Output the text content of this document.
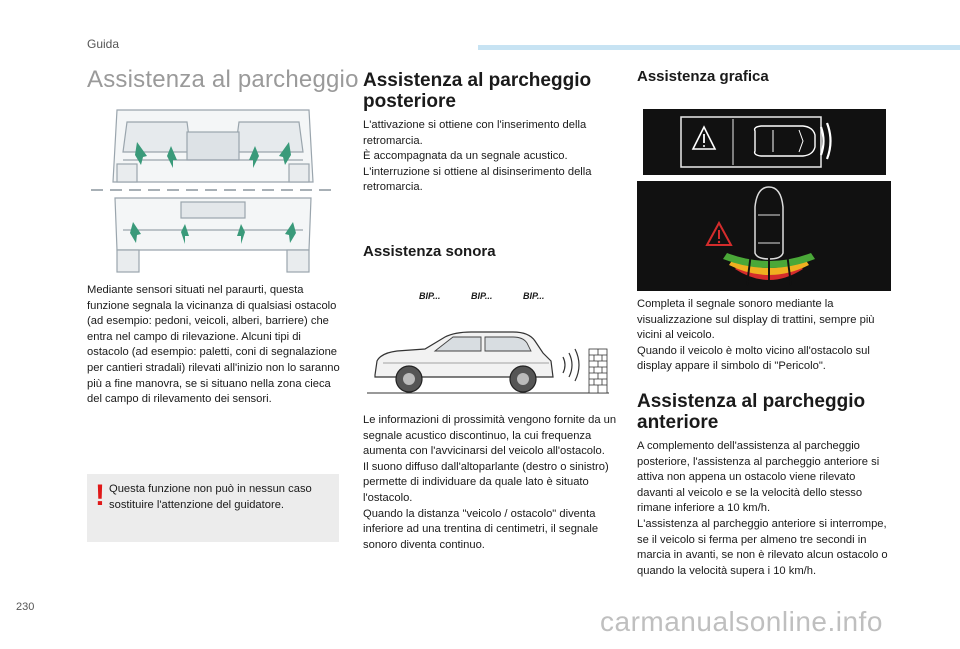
Guida
Assistenza al parcheggio
Mediante sensori situati nel paraurti, questa funzione segnala la vicinanza di qualsiasi ostacolo (ad esempio: pedoni, veicoli, alberi, barriere) che entra nel campo di rilevazione. Alcuni tipi di ostacolo (ad esempio: paletti, coni di segnalazione per cantieri stradali) rilevati all'inizio non lo saranno più a fine manovra, se si situano nella zona cieca del campo di rilevamento dei sensori.
! Questa funzione non può in nessun caso sostituire l'attenzione del guidatore.
Assistenza al parcheggio
posteriore
L'attivazione si ottiene con l'inserimento della retromarcia.
È accompagnata da un segnale acustico.
L'interruzione si ottiene al disinserimento della retromarcia.
Assistenza sonora
BIP...	BIP...	BIP...
Le informazioni di prossimità vengono fornite da un segnale acustico discontinuo, la cui frequenza aumenta con l'avvicinarsi del veicolo all'ostacolo.
Il suono diffuso dall'altoparlante (destro o sinistro) permette di individuare da quale lato è situato l'ostacolo.
Quando la distanza "veicolo / ostacolo" diventa inferiore ad una trentina di centimetri, il segnale sonoro diventa continuo.
Assistenza grafica
Completa il segnale sonoro mediante la visualizzazione sul display di trattini, sempre più vicini al veicolo.
Quando il veicolo è molto vicino all'ostacolo sul display appare il simbolo di "Pericolo".
Assistenza al parcheggio
anteriore
A complemento dell'assistenza al parcheggio posteriore, l'assistenza al parcheggio anteriore si attiva non appena un ostacolo viene rilevato davanti al veicolo e se la velocità dello stesso rimane inferiore a 10 km/h.
L'assistenza al parcheggio anteriore si interrompe, se il veicolo si ferma per almeno tre secondi in marcia in avanti, se non è rilevato alcun ostacolo o quando la velocità supera i 10 km/h.
230	carmanualsonline.info
